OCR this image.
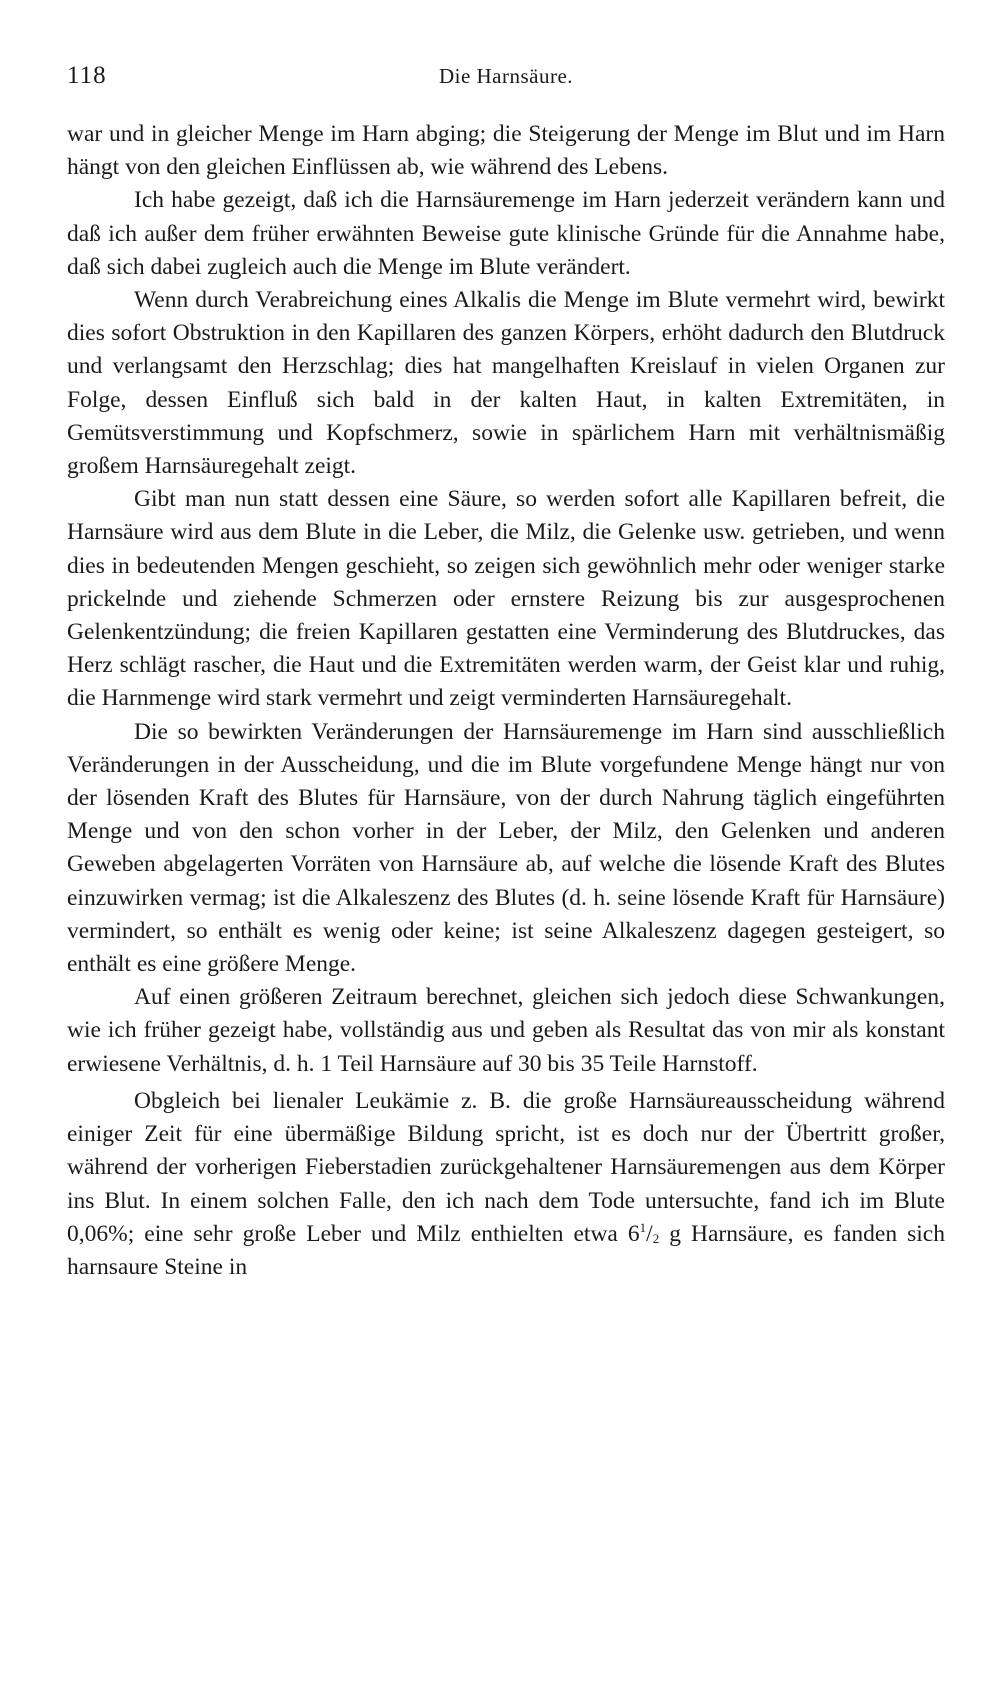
118	Die Harnsäure.

war und in gleicher Menge im Harn abging; die Steigerung der Menge im Blut und im Harn hängt von den gleichen Einflüssen ab, wie während des Lebens.

Ich habe gezeigt, daß ich die Harnsäuremenge im Harn jederzeit verändern kann und daß ich außer dem früher erwähnten Beweise gute klinische Gründe für die Annahme habe, daß sich dabei zugleich auch die Menge im Blute verändert.

Wenn durch Verabreichung eines Alkalis die Menge im Blute vermehrt wird, bewirkt dies sofort Obstruktion in den Kapillaren des ganzen Körpers, erhöht dadurch den Blutdruck und verlangsamt den Herzschlag; dies hat mangelhaften Kreislauf in vielen Organen zur Folge, dessen Einfluß sich bald in der kalten Haut, in kalten Extremitäten, in Gemütsverstimmung und Kopfschmerz, sowie in spärlichem Harn mit verhältnismäßig großem Harnsäuregehalt zeigt.

Gibt man nun statt dessen eine Säure, so werden sofort alle Kapillaren befreit, die Harnsäure wird aus dem Blute in die Leber, die Milz, die Gelenke usw. getrieben, und wenn dies in bedeutenden Mengen geschieht, so zeigen sich gewöhnlich mehr oder weniger starke prickelnde und ziehende Schmerzen oder ernstere Reizung bis zur ausgesprochenen Gelenkentzündung; die freien Kapillaren gestatten eine Verminderung des Blutdruckes, das Herz schlägt rascher, die Haut und die Extremitäten werden warm, der Geist klar und ruhig, die Harnmenge wird stark vermehrt und zeigt verminderten Harnsäuregehalt.

Die so bewirkten Veränderungen der Harnsäuremenge im Harn sind ausschließlich Veränderungen in der Ausscheidung, und die im Blute vorgefundene Menge hängt nur von der lösenden Kraft des Blutes für Harnsäure, von der durch Nahrung täglich eingeführten Menge und von den schon vorher in der Leber, der Milz, den Gelenken und anderen Geweben abgelagerten Vorräten von Harnsäure ab, auf welche die lösende Kraft des Blutes einzuwirken vermag; ist die Alkaleszenz des Blutes (d. h. seine lösende Kraft für Harnsäure) vermindert, so enthält es wenig oder keine; ist seine Alkaleszenz dagegen gesteigert, so enthält es eine größere Menge.

Auf einen größeren Zeitraum berechnet, gleichen sich jedoch diese Schwankungen, wie ich früher gezeigt habe, vollständig aus und geben als Resultat das von mir als konstant erwiesene Verhältnis, d. h. 1 Teil Harnsäure auf 30 bis 35 Teile Harnstoff.

Obgleich bei lienaler Leukämie z. B. die große Harnsäureausscheidung während einiger Zeit für eine übermäßige Bildung spricht, ist es doch nur der Übertritt großer, während der vorherigen Fieberstadien zurückgehaltener Harnsäuremengen aus dem Körper ins Blut. In einem solchen Falle, den ich nach dem Tode untersuchte, fand ich im Blute 0,06%; eine sehr große Leber und Milz enthielten etwa $6^1/_2$ g Harnsäure, es fanden sich harnsaure Steine in
